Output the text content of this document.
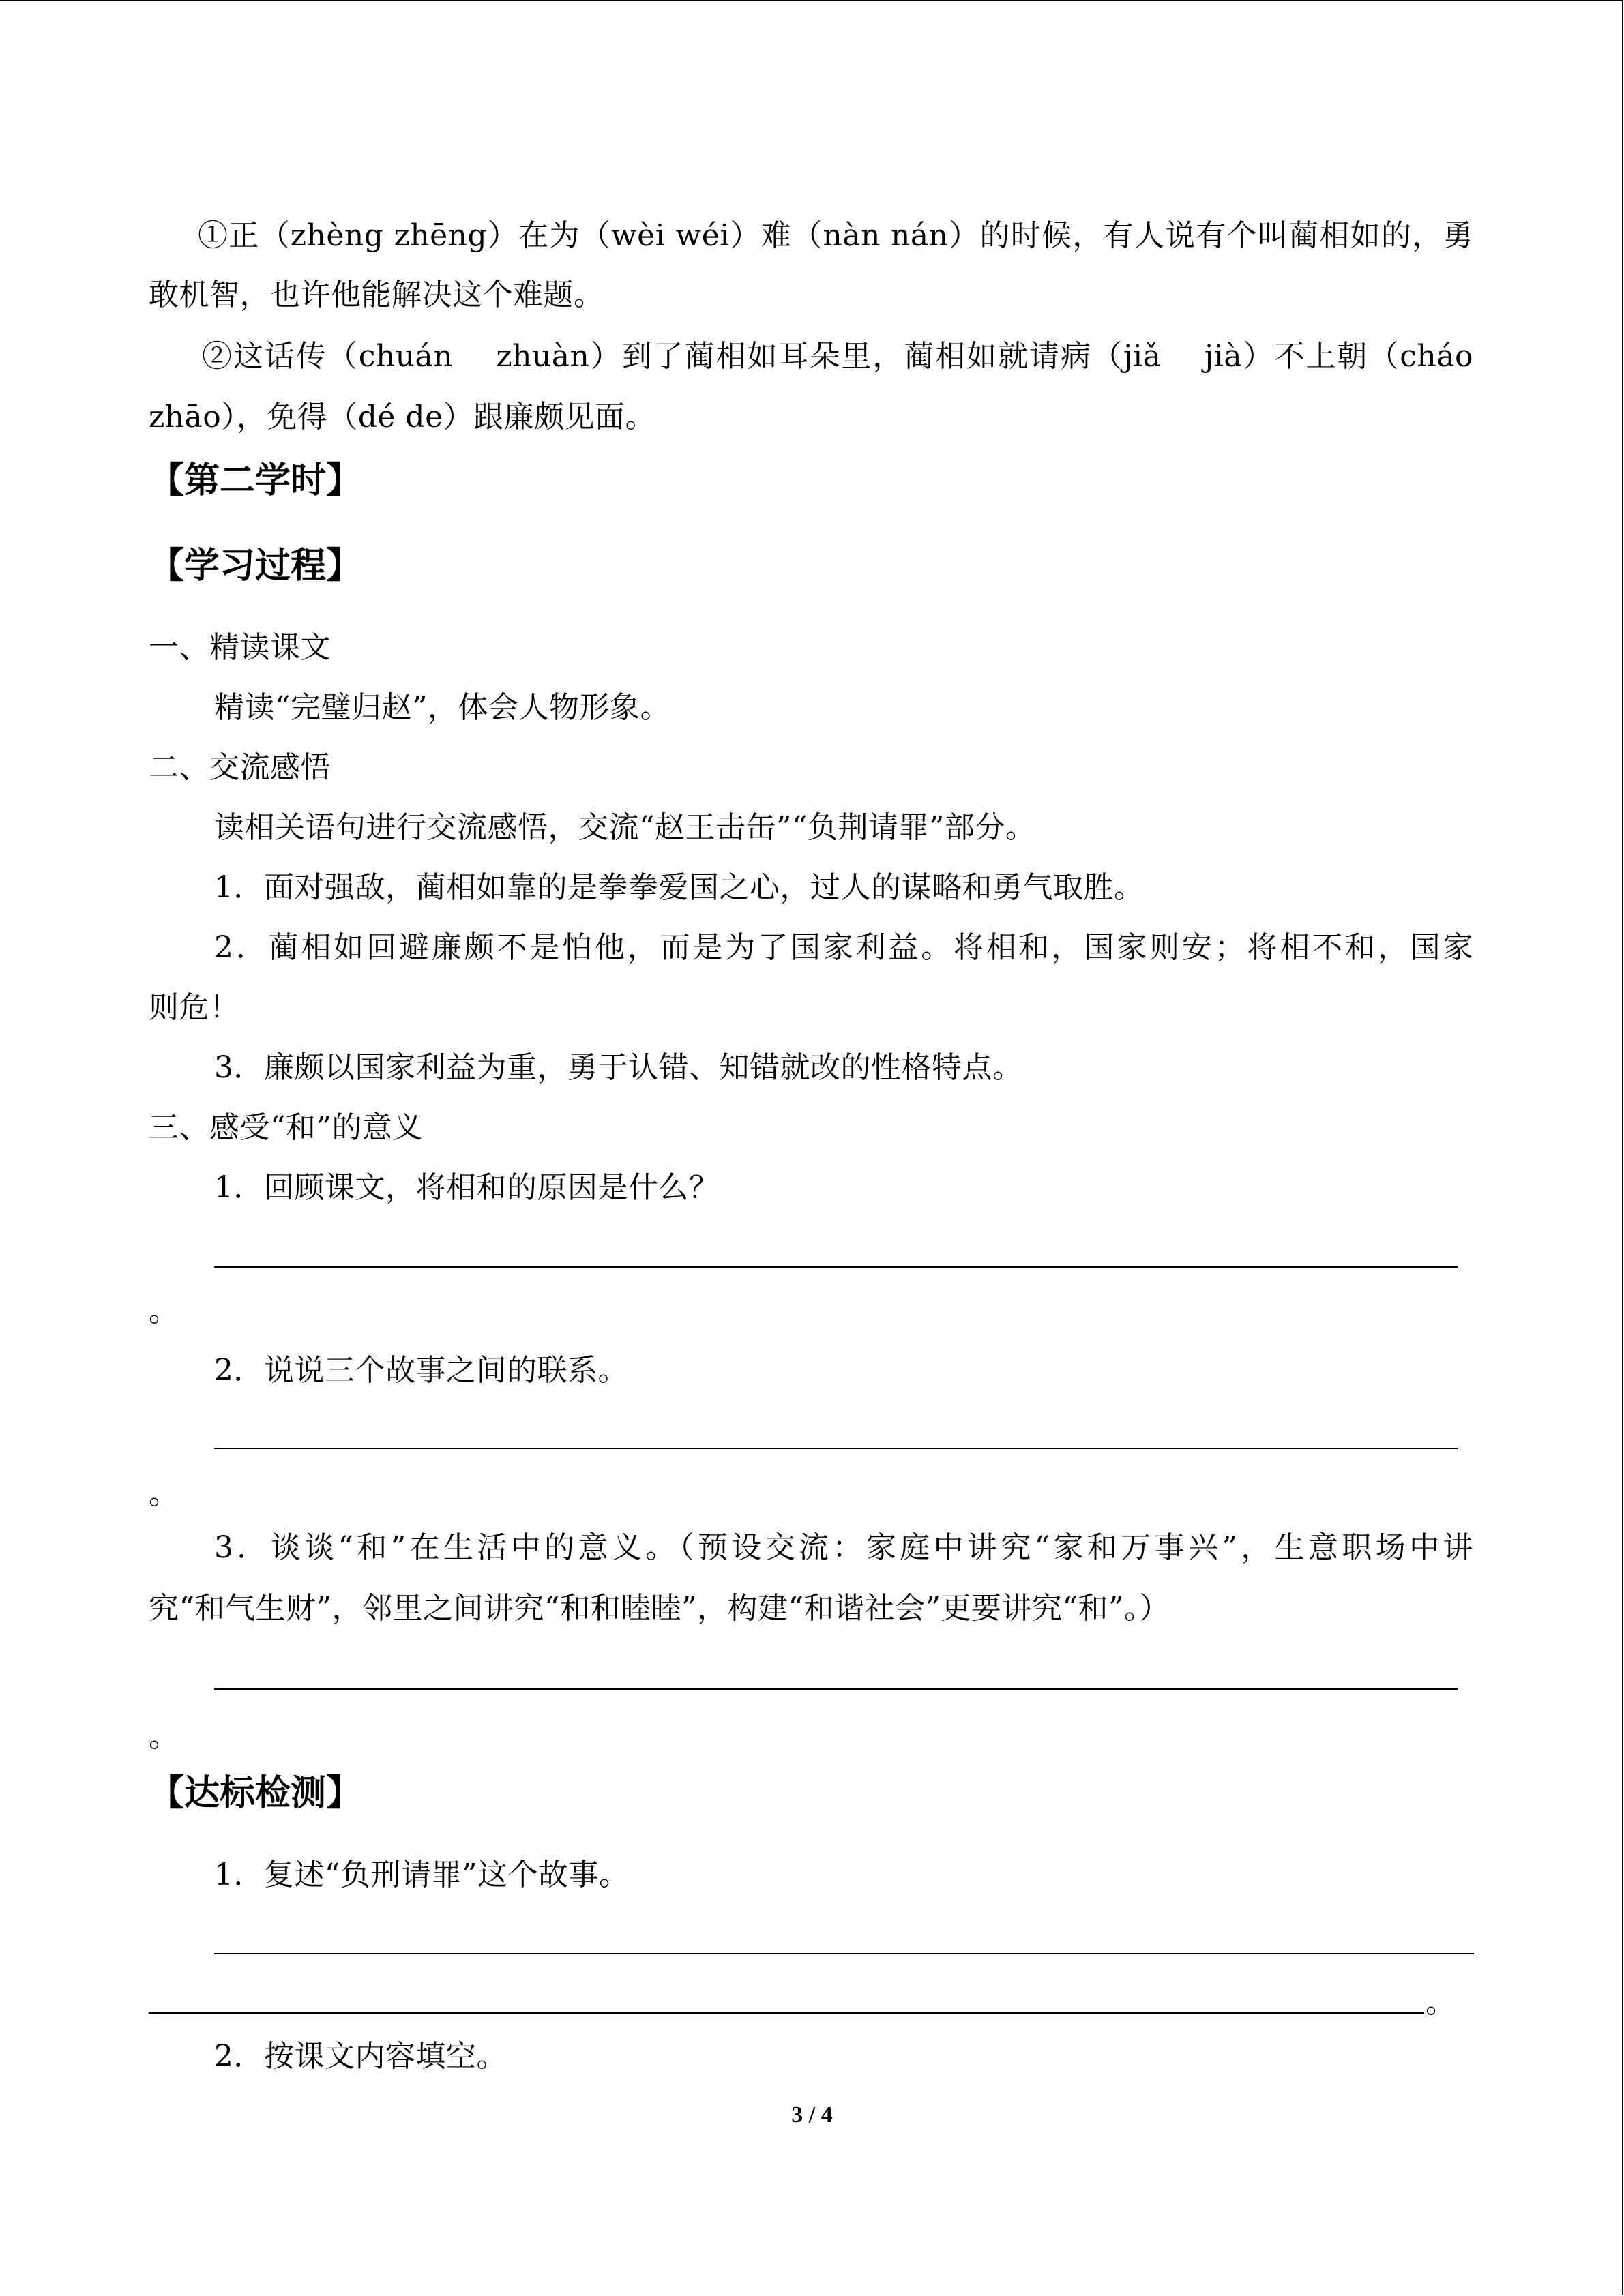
①正（zhèng zhēng）在为（wèi wéi）难（nàn nán）的时候，有人说有个叫蔺相如的，勇
敢机智，也许他能解决这个难题。
②这话传（chuán　 zhuàn）到了蔺相如耳朵里，蔺相如就请病（jiǎ　 jià）不上朝（cháo
zhāo），免得（dé de）跟廉颇见面。
【第二学时】
【学习过程】
一、精读课文
精读“完璧归赵”，体会人物形象。
二、交流感悟
读相关语句进行交流感悟，交流“赵王击缶”“负荆请罪”部分。
1．面对强敌，蔺相如靠的是拳拳爱国之心，过人的谋略和勇气取胜。
2．蔺相如回避廉颇不是怕他，而是为了国家利益。将相和，国家则安；将相不和，国家
则危！
3．廉颇以国家利益为重，勇于认错、知错就改的性格特点。
三、感受“和”的意义
1．回顾课文，将相和的原因是什么？
。
2．说说三个故事之间的联系。
。
3．谈谈“和”在生活中的意义。（预设交流：家庭中讲究“家和万事兴”，生意职场中讲
究“和气生财”，邻里之间讲究“和和睦睦”，构建“和谐社会”更要讲究“和”。）
。
【达标检测】
1．复述“负刑请罪”这个故事。
。
2．按课文内容填空。
3 / 4
